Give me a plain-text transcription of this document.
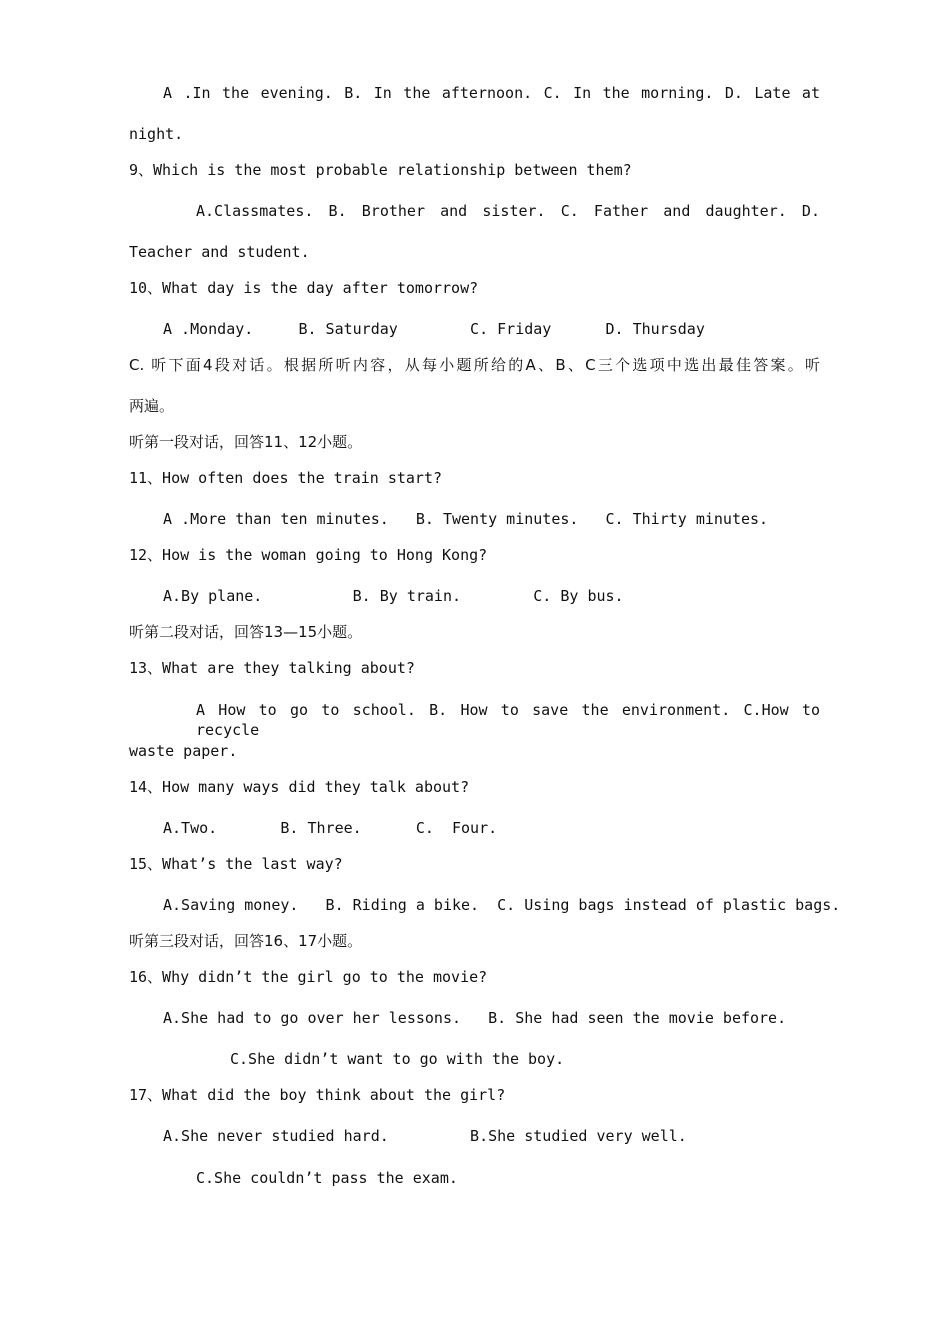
A .In the evening. B. In the afternoon. C. In the morning. D. Late at
night.
9、Which is the most probable relationship between them?
A.Classmates. B. Brother and sister. C. Father and daughter. D.
Teacher and student.
10、What day is the day after tomorrow?
A .Monday.     B. Saturday        C. Friday      D. Thursday
C. 听下面4段对话。根据所听内容，从每小题所给的A、B、C三个选项中选出最佳答案。听
两遍。
听第一段对话，回答11、12小题。
11、How often does the train start?
A .More than ten minutes.   B. Twenty minutes.   C. Thirty minutes.
12、How is the woman going to Hong Kong?
A.By plane.          B. By train.        C. By bus.
听第二段对话，回答13—15小题。
13、What are they talking about?
A How to go to school. B. How to save the environment. C.How to recycle
waste paper.
14、How many ways did they talk about?
A.Two.       B. Three.      C.  Four.
15、What’s the last way?
A.Saving money.   B. Riding a bike.  C. Using bags instead of plastic bags.
听第三段对话，回答16、17小题。
16、Why didn’t the girl go to the movie?
A.She had to go over her lessons.   B. She had seen the movie before.
C.She didn’t want to go with the boy.
17、What did the boy think about the girl?
A.She never studied hard.         B.She studied very well.
C.She couldn’t pass the exam.
